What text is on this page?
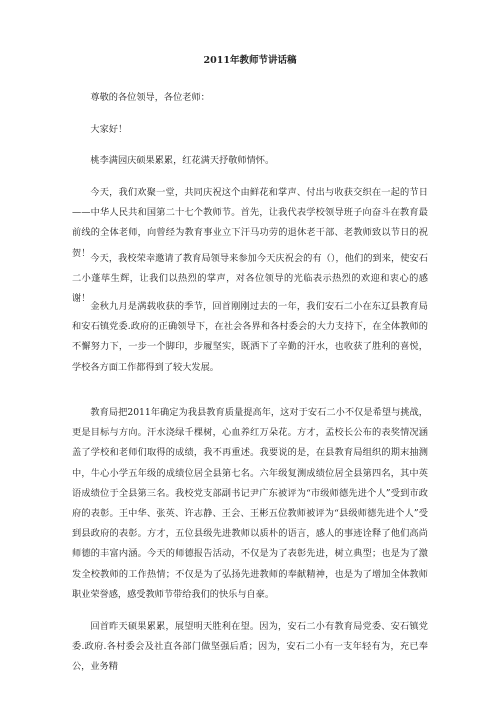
2011年教师节讲话稿

尊敬的各位领导，各位老师：

大家好！

桃李满园庆硕果累累，红花满天抒敬师情怀。

今天，我们欢聚一堂，共同庆祝这个由鲜花和掌声、付出与收获交织在一起的节日——中华人民共和国第二十七个教师节。首先，让我代表学校领导班子向奋斗在教育最前线的全体老师，向曾经为教育事业立下汗马功劳的退休老干部、老教师致以节日的祝贺！ 今天，我校荣幸邀请了教育局领导来参加今天庆祝会的有（），他们的到来，使安石二小蓬荜生辉，让我们以热烈的掌声，对各位领导的光临表示热烈的欢迎和衷心的感谢！

金秋九月是满载收获的季节，回首刚刚过去的一年，我们安石二小在东辽县教育局和安石镇党委.政府的正确领导下，在社会各界和各村委会的大力支持下，在全体教师的不懈努力下，一步一个脚印，步履坚实，既洒下了辛勤的汗水，也收获了胜利的喜悦，学校各方面工作都得到了较大发展。

教育局把2011年确定为我县教育质量提高年，这对于安石二小不仅是希望与挑战，更是目标与方向。汗水浇绿千棵树，心血养红万朵花。方才，孟校长公布的表奖情况涵盖了学校和老师们取得的成绩，我不再重述。我要说的是，在县教育局组织的期末抽测中，牛心小学五年级的成绩位居全县第七名。六年级复测成绩位居全县第四名，其中英语成绩位于全县第三名。我校党支部副书记尹广东被评为“市级师德先进个人”受到市政府的表彰。王中华、张英、许志静、王会、王彬五位教师被评为“县级师德先进个人”受到县政府的表彰。方才，五位县级先进教师以质朴的语言，感人的事迹诠释了他们高尚师德的丰富内涵。今天的师德报告活动，不仅是为了表彰先进，树立典型；也是为了激发全校教师的工作热情；不仅是为了弘扬先进教师的奉献精神，也是为了增加全体教师职业荣誉感，感受教师节带给我们的快乐与自豪。

回首昨天硕果累累，展望明天胜利在望。因为，安石二小有教育局党委、安石镇党委.政府.各村委会及社直各部门做坚强后盾；因为，安石二小有一支年轻有为，充已奉公，业务精
